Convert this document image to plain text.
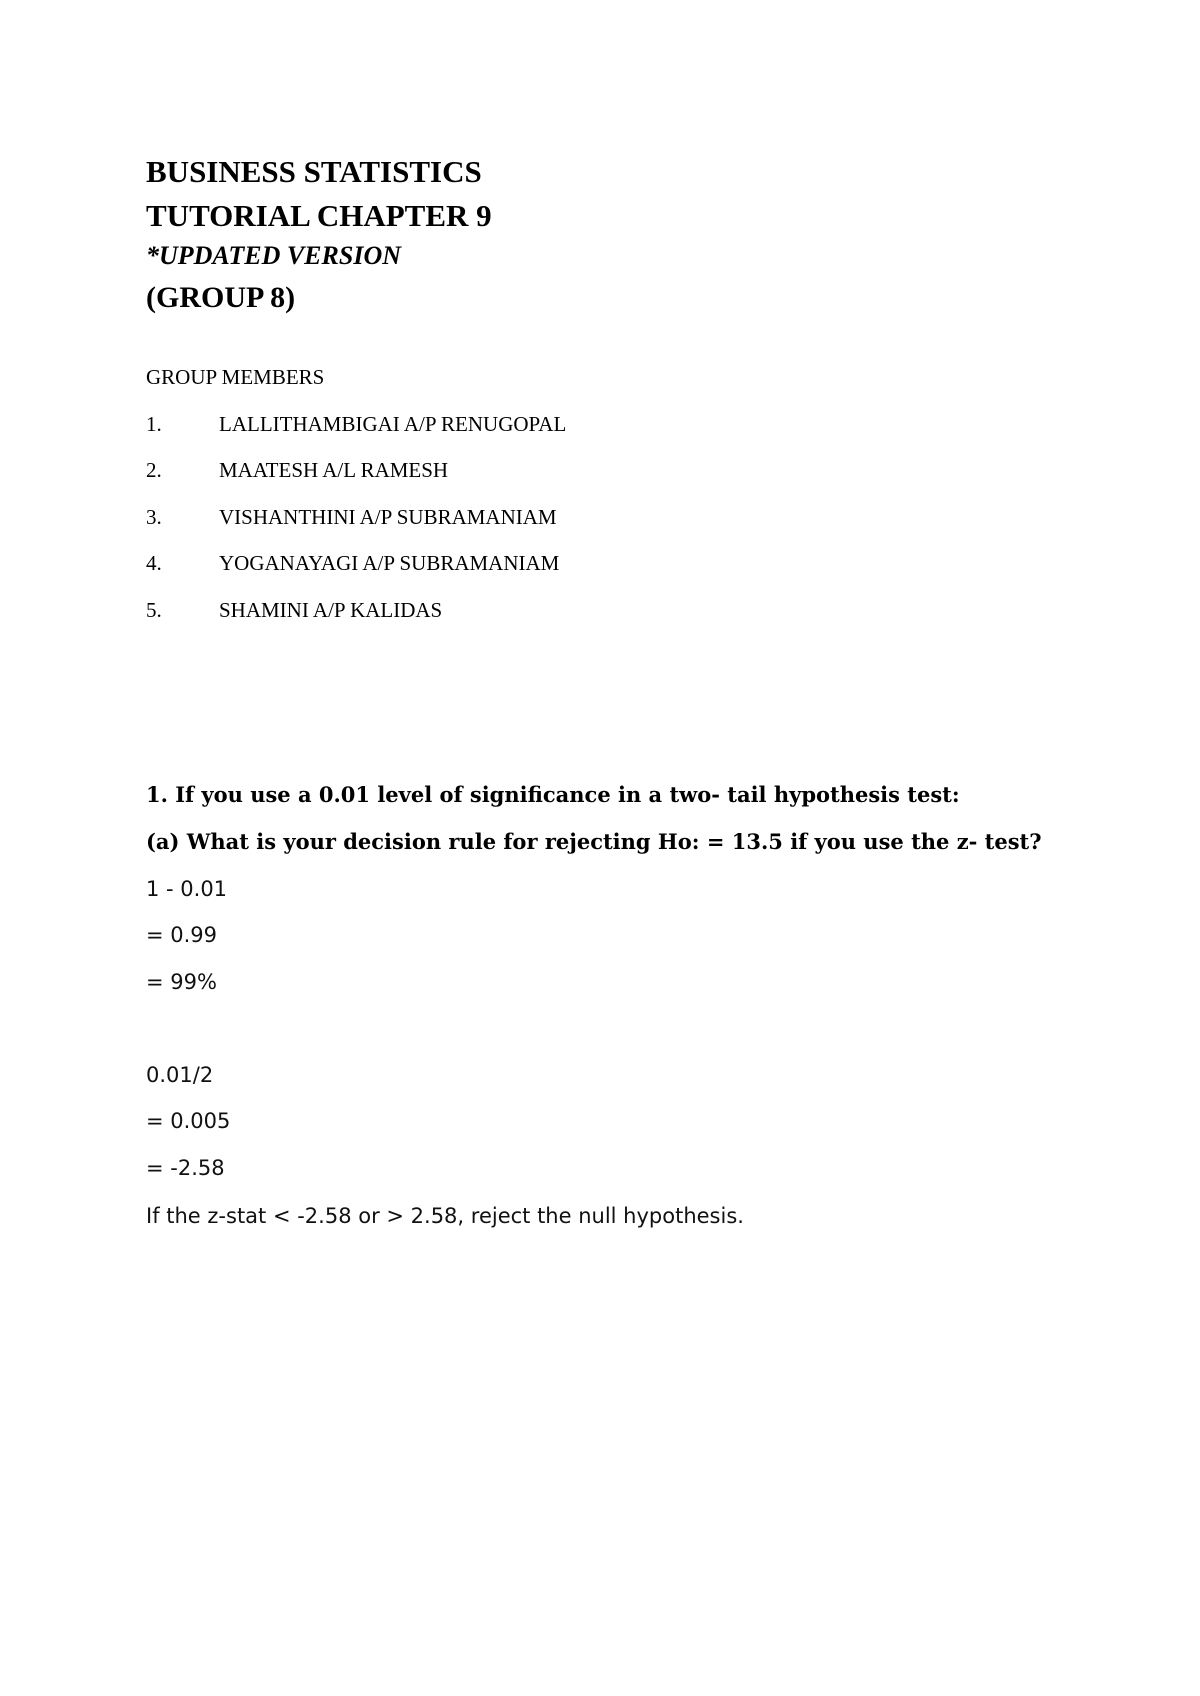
BUSINESS STATISTICS
TUTORIAL CHAPTER 9
*UPDATED VERSION
(GROUP 8)
GROUP MEMBERS
1.	LALLITHAMBIGAI A/P RENUGOPAL
2.	MAATESH A/L RAMESH
3.	VISHANTHINI A/P SUBRAMANIAM
4.	YOGANAYAGI A/P SUBRAMANIAM
5.	SHAMINI A/P KALIDAS
1. If you use a 0.01 level of significance in a two- tail hypothesis test:
(a) What is your decision rule for rejecting Ho: = 13.5 if you use the z- test?
1 - 0.01
= 0.99
= 99%
0.01/2
= 0.005
= -2.58
If the z-stat < -2.58 or > 2.58, reject the null hypothesis.
